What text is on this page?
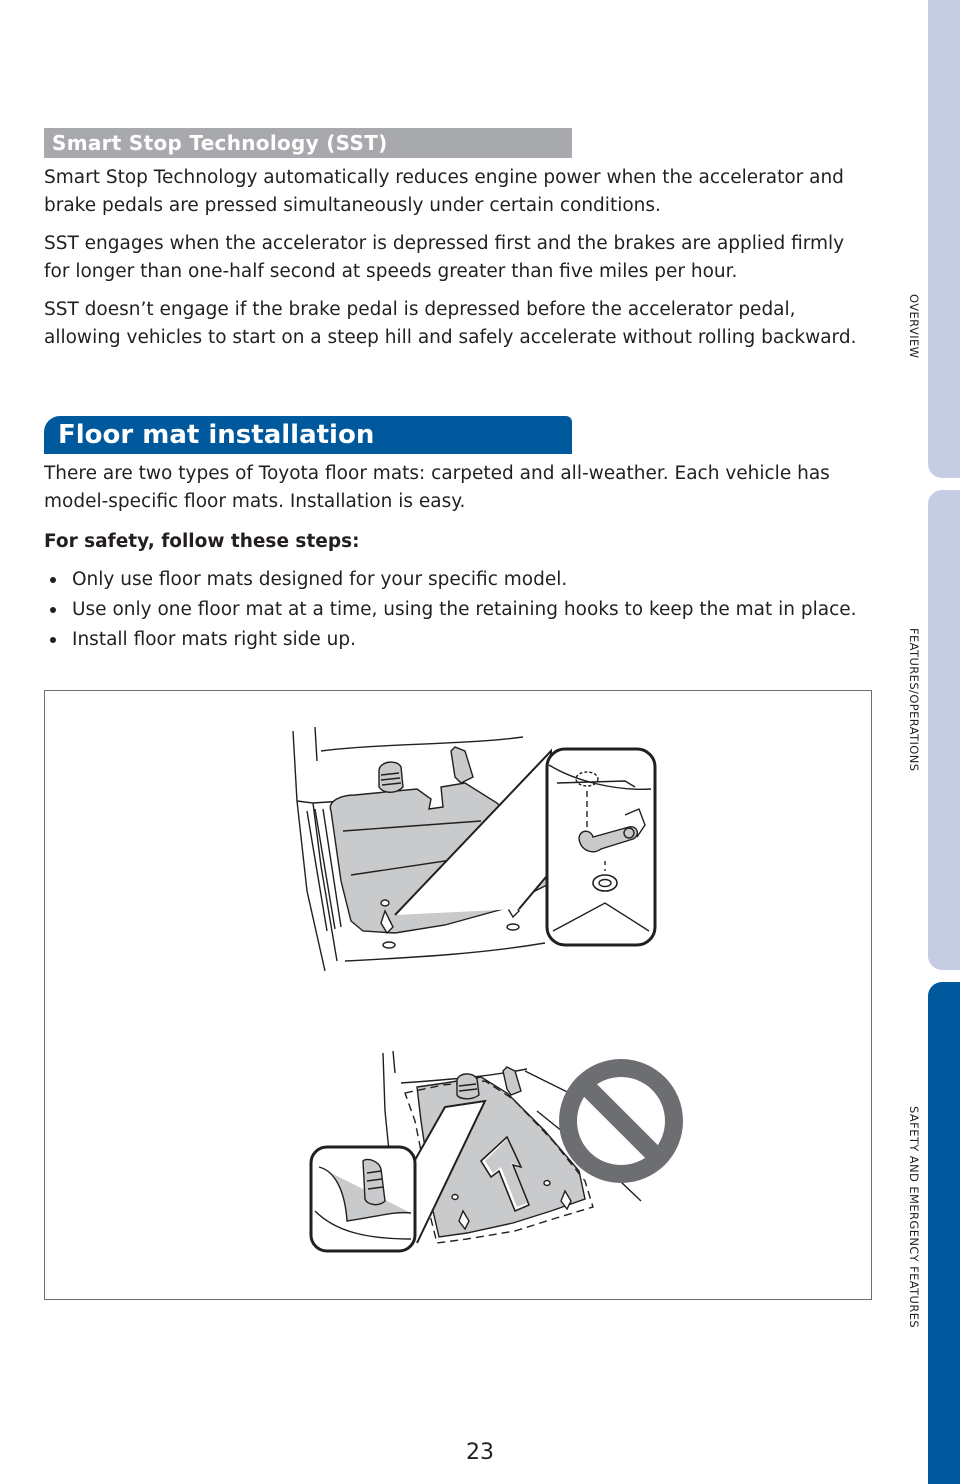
Smart Stop Technology (SST)

Smart Stop Technology automatically reduces engine power when the accelerator and brake pedals are pressed simultaneously under certain conditions.

SST engages when the accelerator is depressed first and the brakes are applied firmly for longer than one-half second at speeds greater than five miles per hour.

SST doesn’t engage if the brake pedal is depressed before the accelerator pedal, allowing vehicles to start on a steep hill and safely accelerate without rolling backward.

Floor mat installation

There are two types of Toyota floor mats: carpeted and all-weather. Each vehicle has model-specific floor mats. Installation is easy.

For safety, follow these steps:

Only use floor mats designed for your specific model.
Use only one floor mat at a time, using the retaining hooks to keep the mat in place.
Install floor mats right side up.
23
OVERVIEW
FEATURES/OPERATIONS
SAFETY AND EMERGENCY FEATURES
